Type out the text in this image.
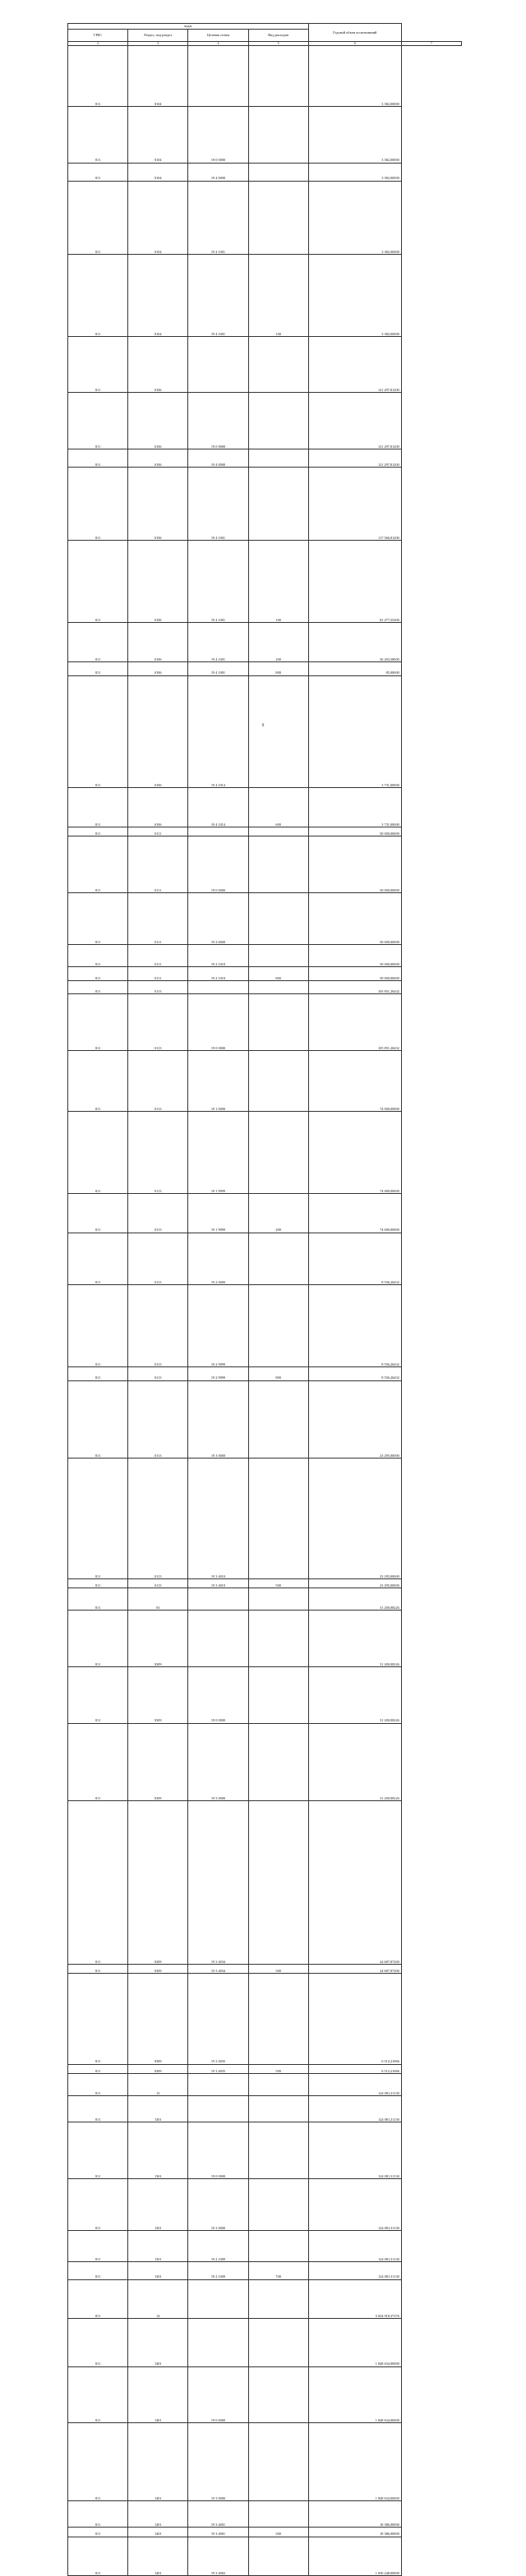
	коды				Годовой объем ассигнований	
ГРБС	Раздел, под-раздел	Целевая статья	Вид расходов		
	2	3	4	5	6	7
	811	0104			3 382,00000	
	811	0104	19 0 0000		3 382,00000	
	811	0104	19 4 0000		3 382,00000	
	811	0104	19 4 1001		3 382,00000	
	811	0104	19 4 1001	100	3 382,00000	
	811	0106			121 297,81200	
	811	0106	19 0 0000		121 297,81200	
	811	0106	19 4 0000		121 297,81200	
	811	0106	19 4 1001		117 566,81200	
	811	0106	19 4 1001	100	81 277,55200	
	811	0106	19 4 1001	200	36 203,58000	
	811	0106	19 4 1001	800	85,00000	
	811	0106	19 4 1014		3 731,00000	
	811	0106	19 4 1014	600	3 731,00000	
	811	0111			50 000,00000	
	811	0111	19 0 0000		50 000,00000	
	811	0111	19 2 0000		50 000,00000	
	811	0111	19 2 1010		50 000,00000	
	811	0111	19 2 1010	800	50 000,00000	
	811	0113			105 851,26432	
	811	0113	19 0 0000		105 851,26432	
	811	0113	19 1 0000		74 000,00000	
	811	0113	19 1 9999		74 000,00000	
	811	0113	19 1 9999	200	74 000,00000	
	811	0113	19 2 0000		8 556,26432	
	811	0113	19 2 9999		8 556,26432	
	811	0113	19 2 9999	800	8 556,26432	
	811	0113	19 3 0000		23 295,00000	
	811	0113	19 3 4010		23 295,00000	
	811	0113	19 3 4010	500	23 295,00000	
	811	03			31 200,08226	
	811	0309			31 200,08226	
	811	0309	19 0 0000		31 200,08226	
	811	0309	19 3 0000		31 200,08226	
	811	0309	19 3 4034		24 687,87200	
	811	0309	19 3 4034	500	24 687,87200	
	811	0309	19 3 4035		6 512,21066	
	811	0309	19 3 4035	500	6 512,21066	
	811	13			124 081,31130	
	811	1301			124 081,31130	
	811	1301	19 0 0000		124 081,31130	
	811	1301	19 2 0000		124 081,31130	
	811	1301	19 2 1009		124 081,31130	
	811	1301	19 2 1009	700	124 081,31130	
	811	14			5 024 918,37376	
	811	1401			1 848 634,00000	
	811	1401	19 0 0000		1 848 634,00000	
	811	1401	19 3 0000		1 848 634,00000	
	811	1401	19 3 4001		18 386,00000	
	811	1401	19 3 4001	500	18 386,00000	
	811	1401	19 3 4002		1 830 248,00000	
9
